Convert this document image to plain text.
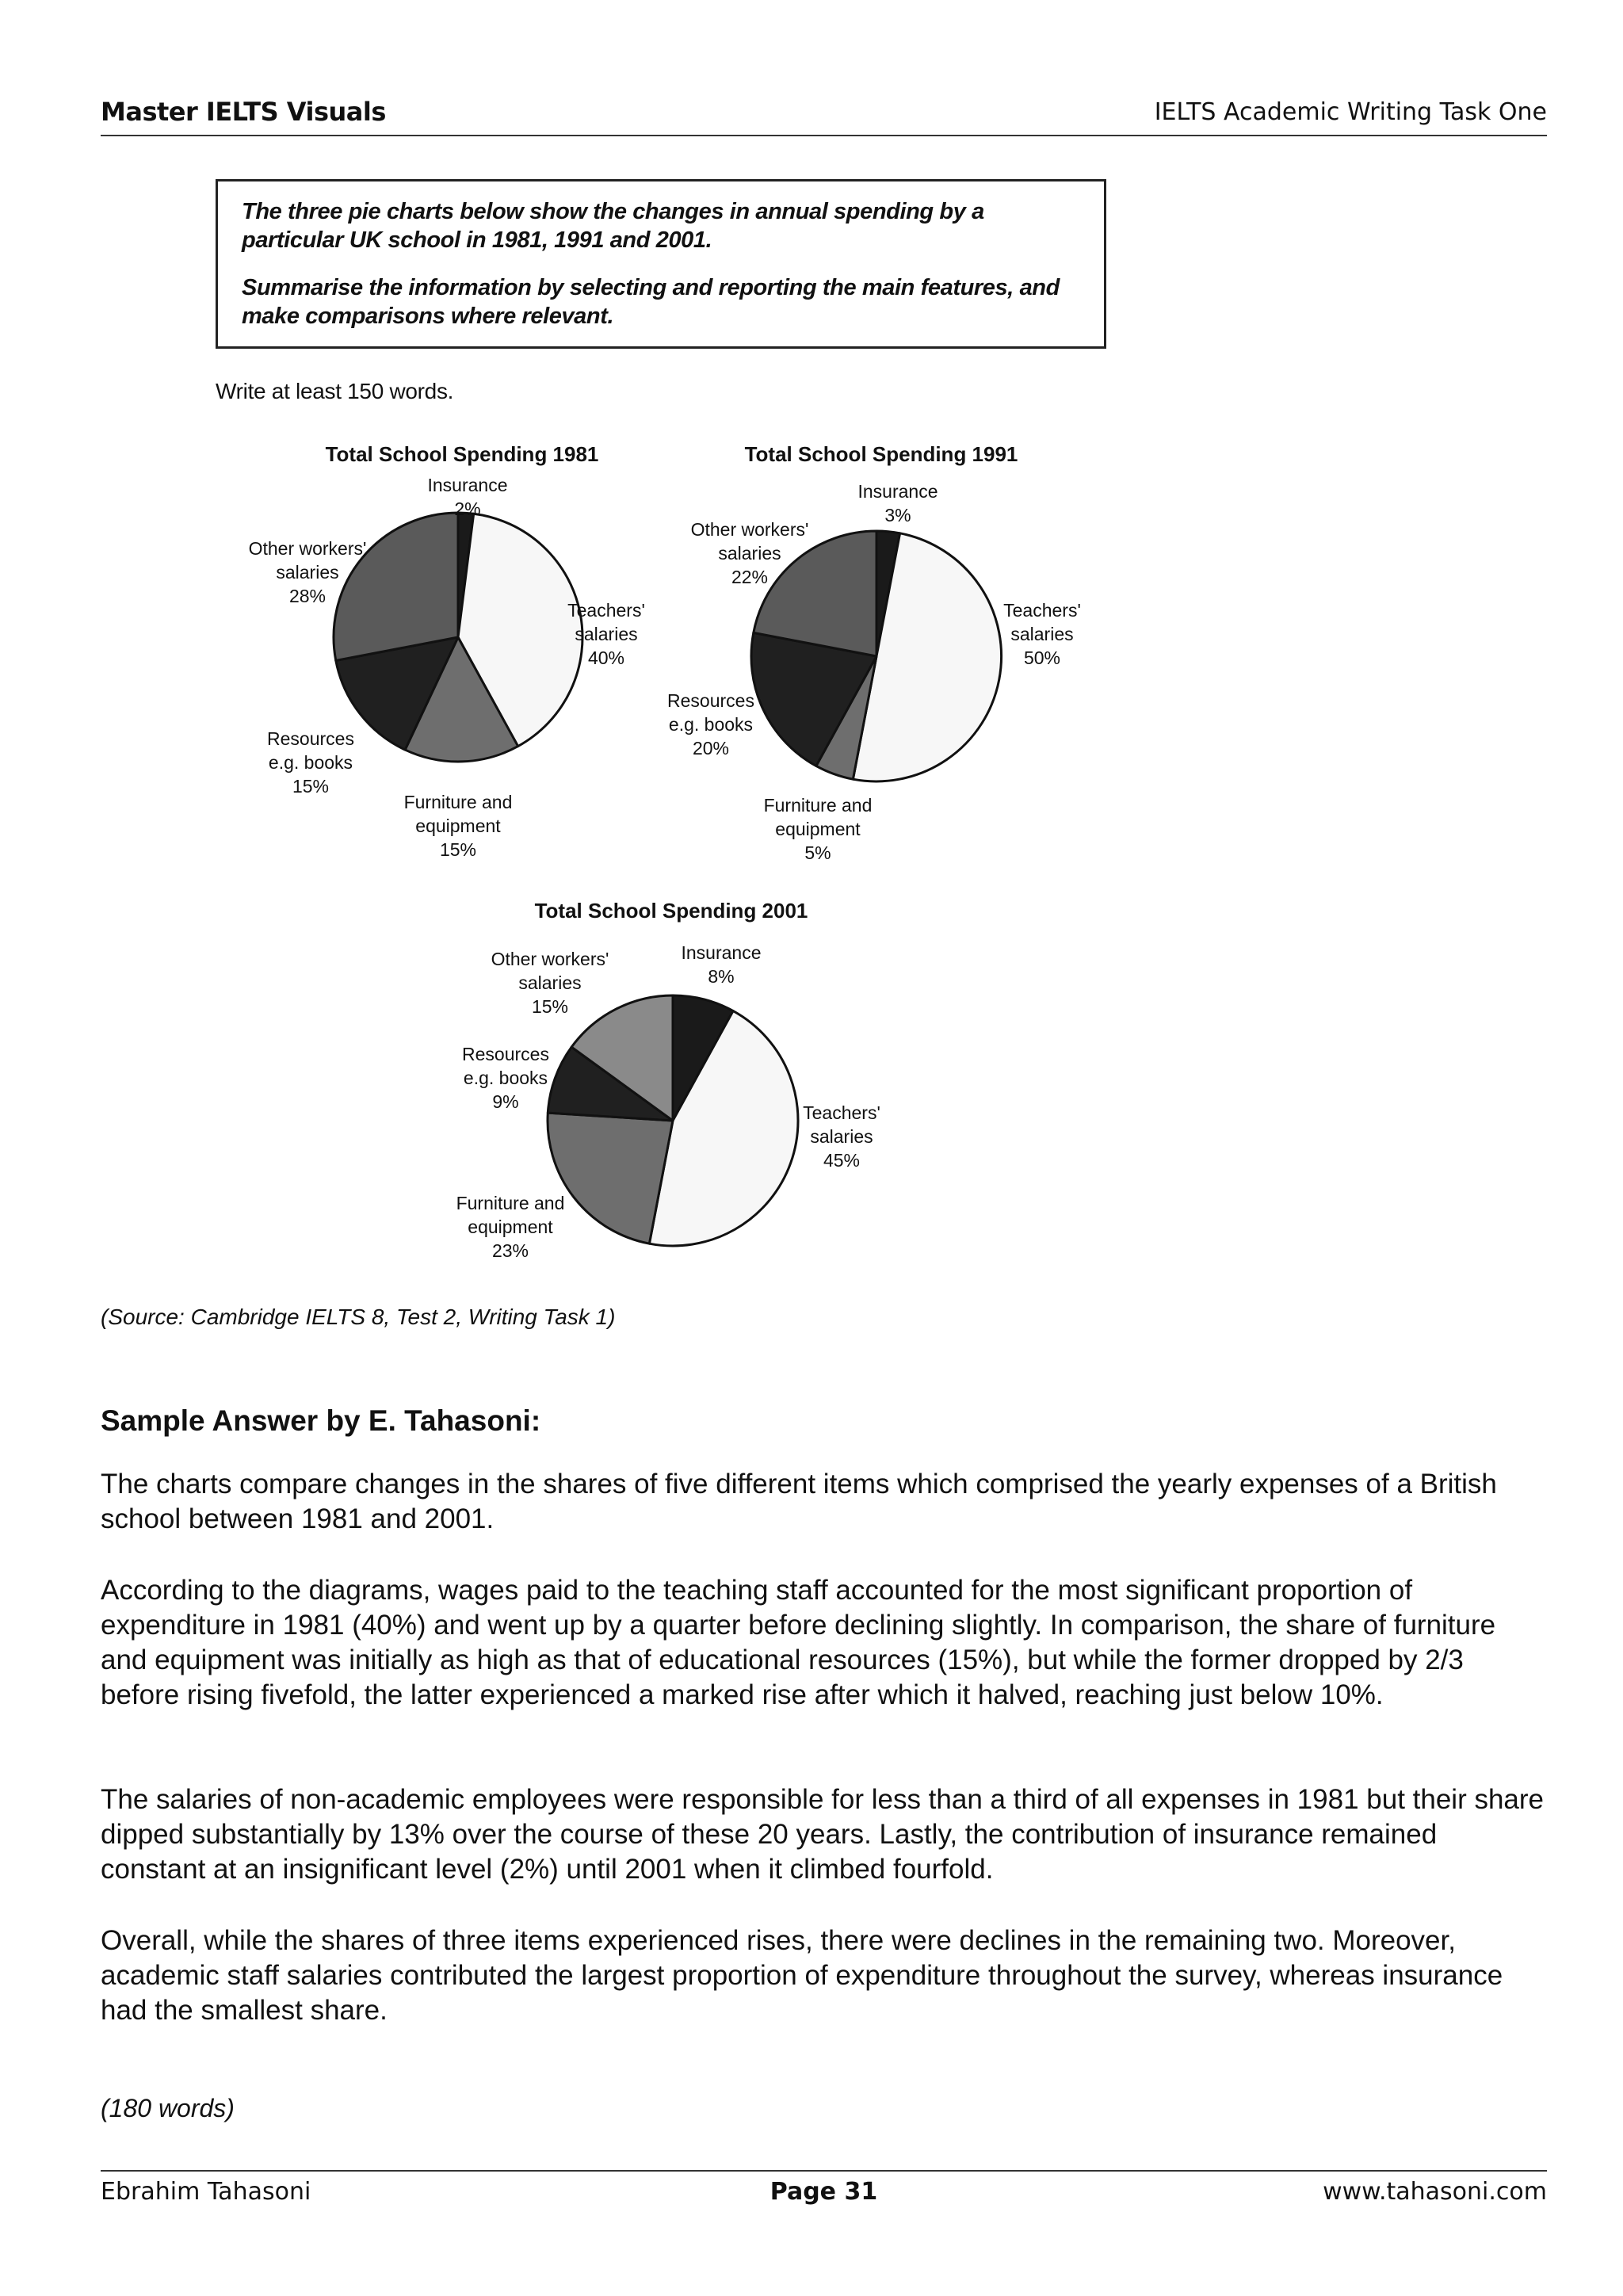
Master IELTS Visuals	IELTS Academic Writing Task One

The three pie charts below show the changes in annual spending by a particular UK school in 1981, 1991 and 2001.

Summarise the information by selecting and reporting the main features, and make comparisons where relevant.

Write at least 150 words.
Total School Spending 1981
Insurance 2%
Teachers' salaries 40%
Furniture and equipment 15%
Resources e.g. books 15%
Other workers' salaries 28%
Total School Spending 1991
Insurance 3%
Teachers' salaries 50%
Furniture and equipment 5%
Resources e.g. books 20%
Other workers' salaries 22%
Total School Spending 2001
Insurance 8%
Teachers' salaries 45%
Furniture and equipment 23%
Resources e.g. books 9%
Other workers' salaries 15%
(Source: Cambridge IELTS 8, Test 2, Writing Task 1)
Sample Answer by E. Tahasoni:

The charts compare changes in the shares of five different items which comprised the yearly expenses of a British school between 1981 and 2001.

According to the diagrams, wages paid to the teaching staff accounted for the most significant proportion of expenditure in 1981 (40%) and went up by a quarter before declining slightly. In comparison, the share of furniture and equipment was initially as high as that of educational resources (15%), but while the former dropped by 2/3 before rising fivefold, the latter experienced a marked rise after which it halved, reaching just below 10%.

The salaries of non-academic employees were responsible for less than a third of all expenses in 1981 but their share dipped substantially by 13% over the course of these 20 years. Lastly, the contribution of insurance remained constant at an insignificant level (2%) until 2001 when it climbed fourfold.

Overall, while the shares of three items experienced rises, there were declines in the remaining two. Moreover, academic staff salaries contributed the largest proportion of expenditure throughout the survey, whereas insurance had the smallest share.

(180 words)
Ebrahim Tahasoni	Page 31	www.tahasoni.com
